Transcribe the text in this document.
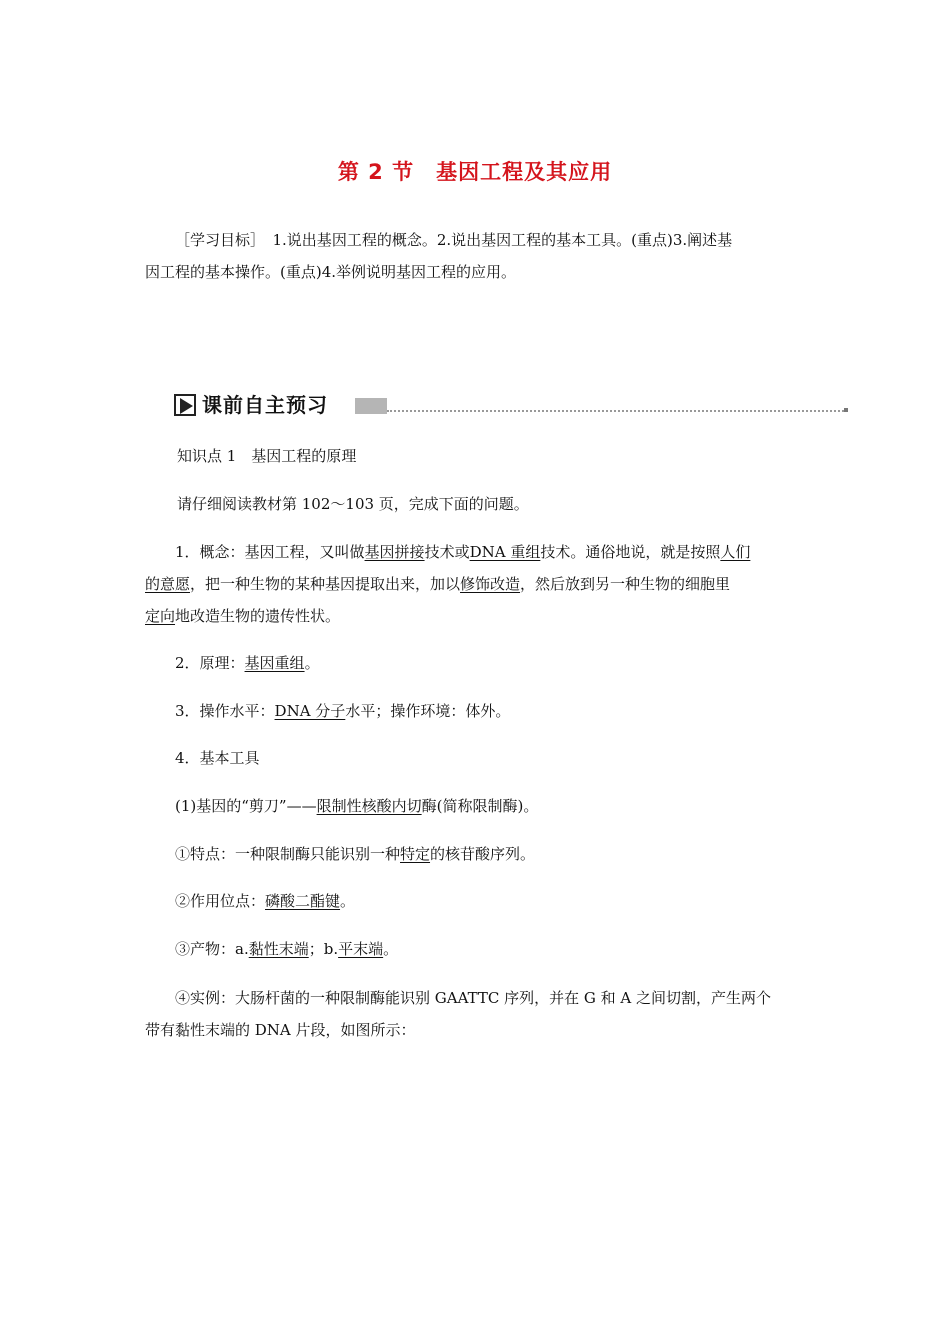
第 2 节 基因工程及其应用

［学习目标］　1.说出基因工程的概念。2.说出基因工程的基本工具。(重点)3.阐述基
因工程的基本操作。(重点)4.举例说明基因工程的应用。

课前自主预习

知识点 1　基因工程的原理

请仔细阅读教材第 102～103 页，完成下面的问题。

1．概念：基因工程，又叫做基因拼接技术或DNA 重组技术。通俗地说，就是按照人们
的意愿，把一种生物的某种基因提取出来，加以修饰改造，然后放到另一种生物的细胞里
定向地改造生物的遗传性状。

2．原理：基因重组。

3．操作水平：DNA 分子水平；操作环境：体外。

4．基本工具

(1)基因的“剪刀”——限制性核酸内切酶(简称限制酶)。

①特点：一种限制酶只能识别一种特定的核苷酸序列。

②作用位点：磷酸二酯键。

③产物：a.黏性末端；b.平末端。

④实例：大肠杆菌的一种限制酶能识别 GAATTC 序列，并在 G 和 A 之间切割，产生两个
带有黏性末端的 DNA 片段，如图所示：
